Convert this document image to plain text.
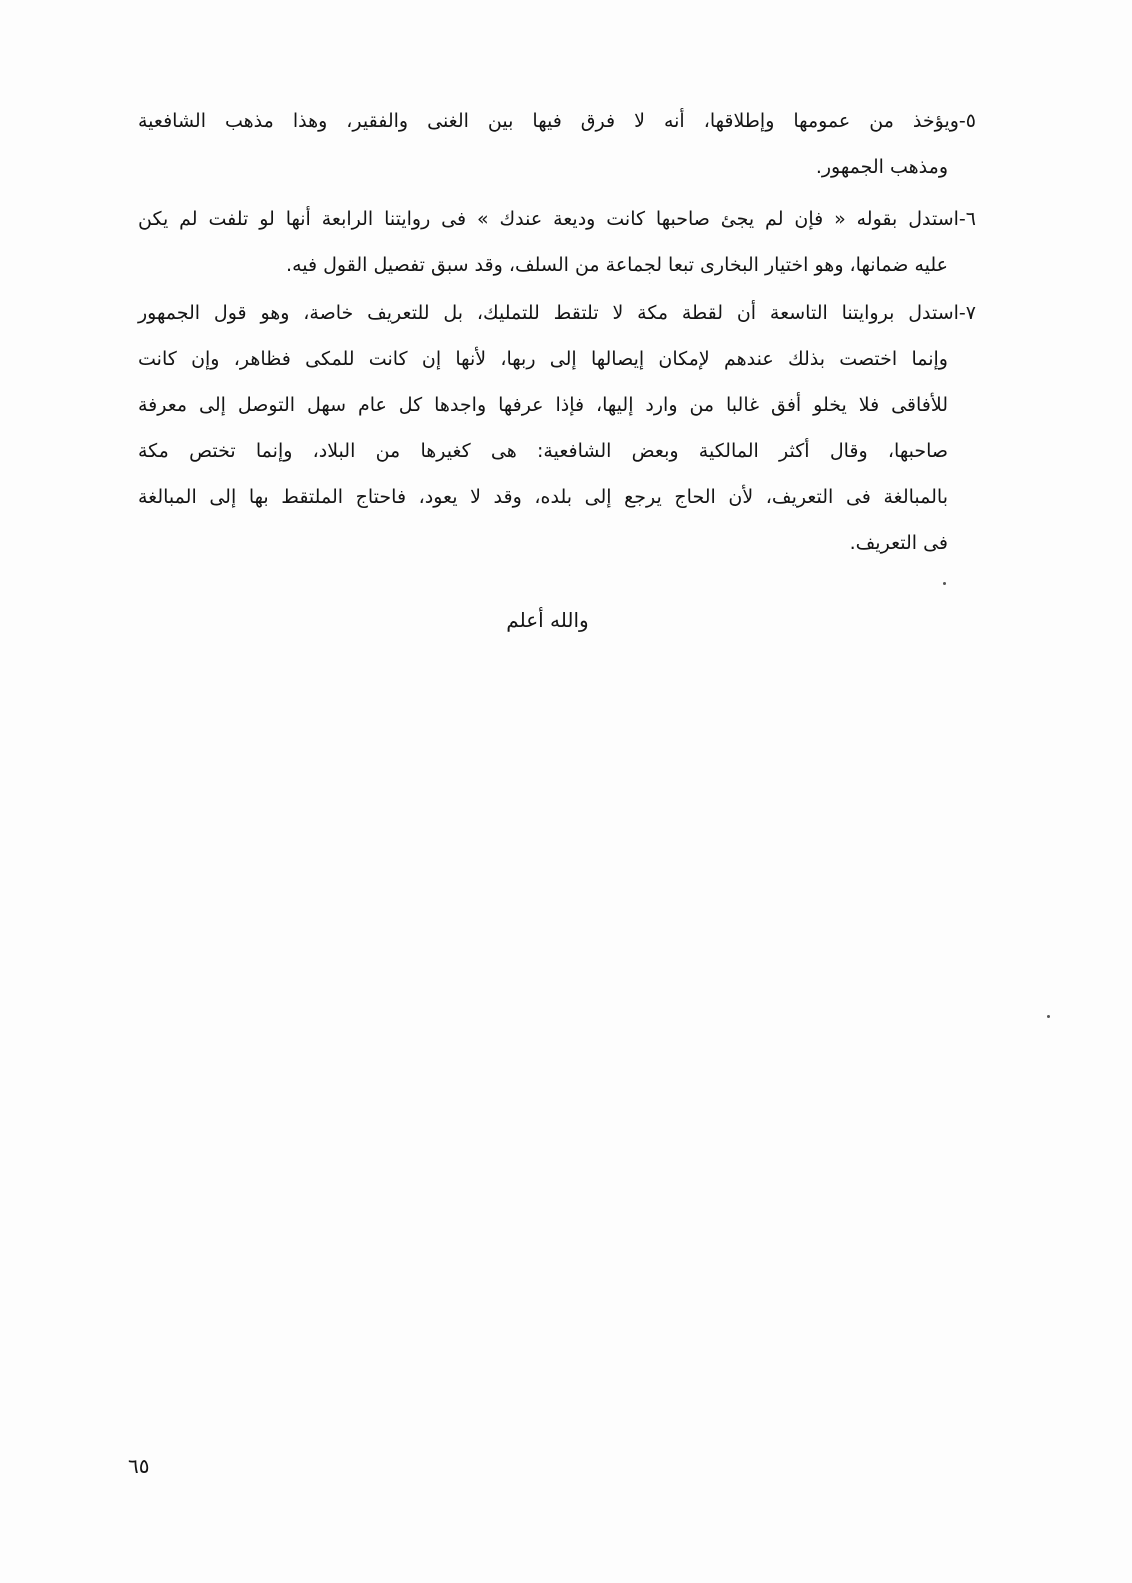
٥-
ويؤخذ من عمومها وإطلاقها، أنه لا فرق فيها بين الغنى والفقير، وهذا مذهب الشافعية
ومذهب الجمهور.
٦-
استدل بقوله « فإن لم يجئ صاحبها كانت وديعة عندك » فى روايتنا الرابعة أنها لو تلفت لم يكن
عليه ضمانها، وهو اختيار البخارى تبعا لجماعة من السلف، وقد سبق تفصيل القول فيه.
٧-
استدل بروايتنا التاسعة أن لقطة مكة لا تلتقط للتمليك، بل للتعريف خاصة، وهو قول الجمهور
وإنما اختصت بذلك عندهم لإمكان إيصالها إلى ربها، لأنها إن كانت للمكى فظاهر، وإن كانت
للأفاقى فلا يخلو أفق غالبا من وارد إليها، فإذا عرفها واجدها كل عام سهل التوصل إلى معرفة
صاحبها، وقال أكثر المالكية وبعض الشافعية: هى كغيرها من البلاد، وإنما تختص مكة
بالمبالغة فى التعريف، لأن الحاج يرجع إلى بلده، وقد لا يعود، فاحتاج الملتقط بها إلى المبالغة
فى التعريف.
والله أعلم
٦٥
